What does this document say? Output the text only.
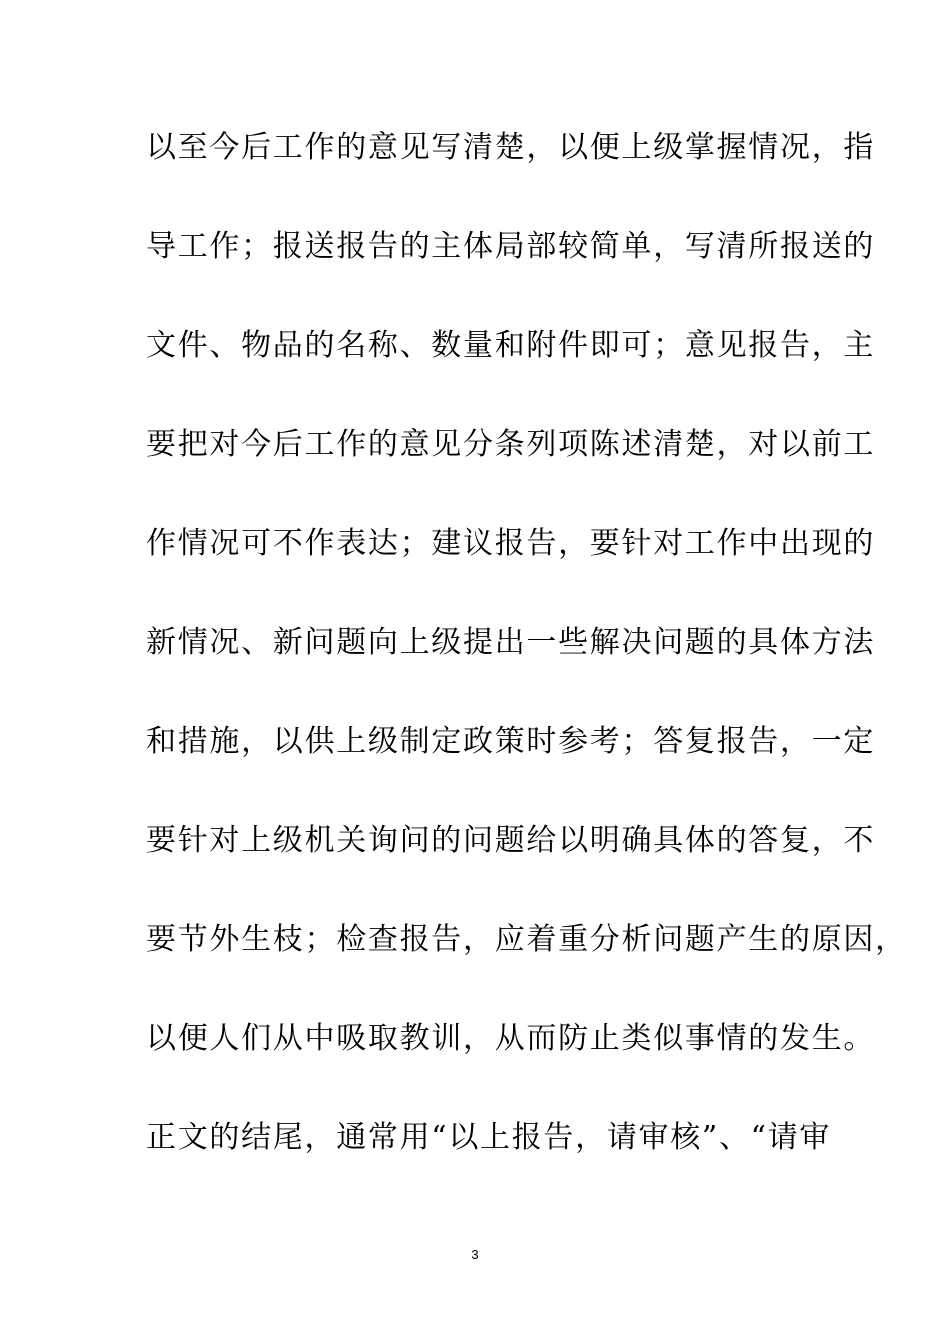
以至今后工作的意见写清楚，以便上级掌握情况，指
导工作；报送报告的主体局部较简单，写清所报送的
文件、物品的名称、数量和附件即可；意见报告，主
要把对今后工作的意见分条列项陈述清楚，对以前工
作情况可不作表达；建议报告，要针对工作中出现的
新情况、新问题向上级提出一些解决问题的具体方法
和措施，以供上级制定政策时参考；答复报告，一定
要针对上级机关询问的问题给以明确具体的答复，不
要节外生枝；检查报告，应着重分析问题产生的原因，
以便人们从中吸取教训，从而防止类似事情的发生。
正文的结尾，通常用“以上报告，请审核”、“请审
3
